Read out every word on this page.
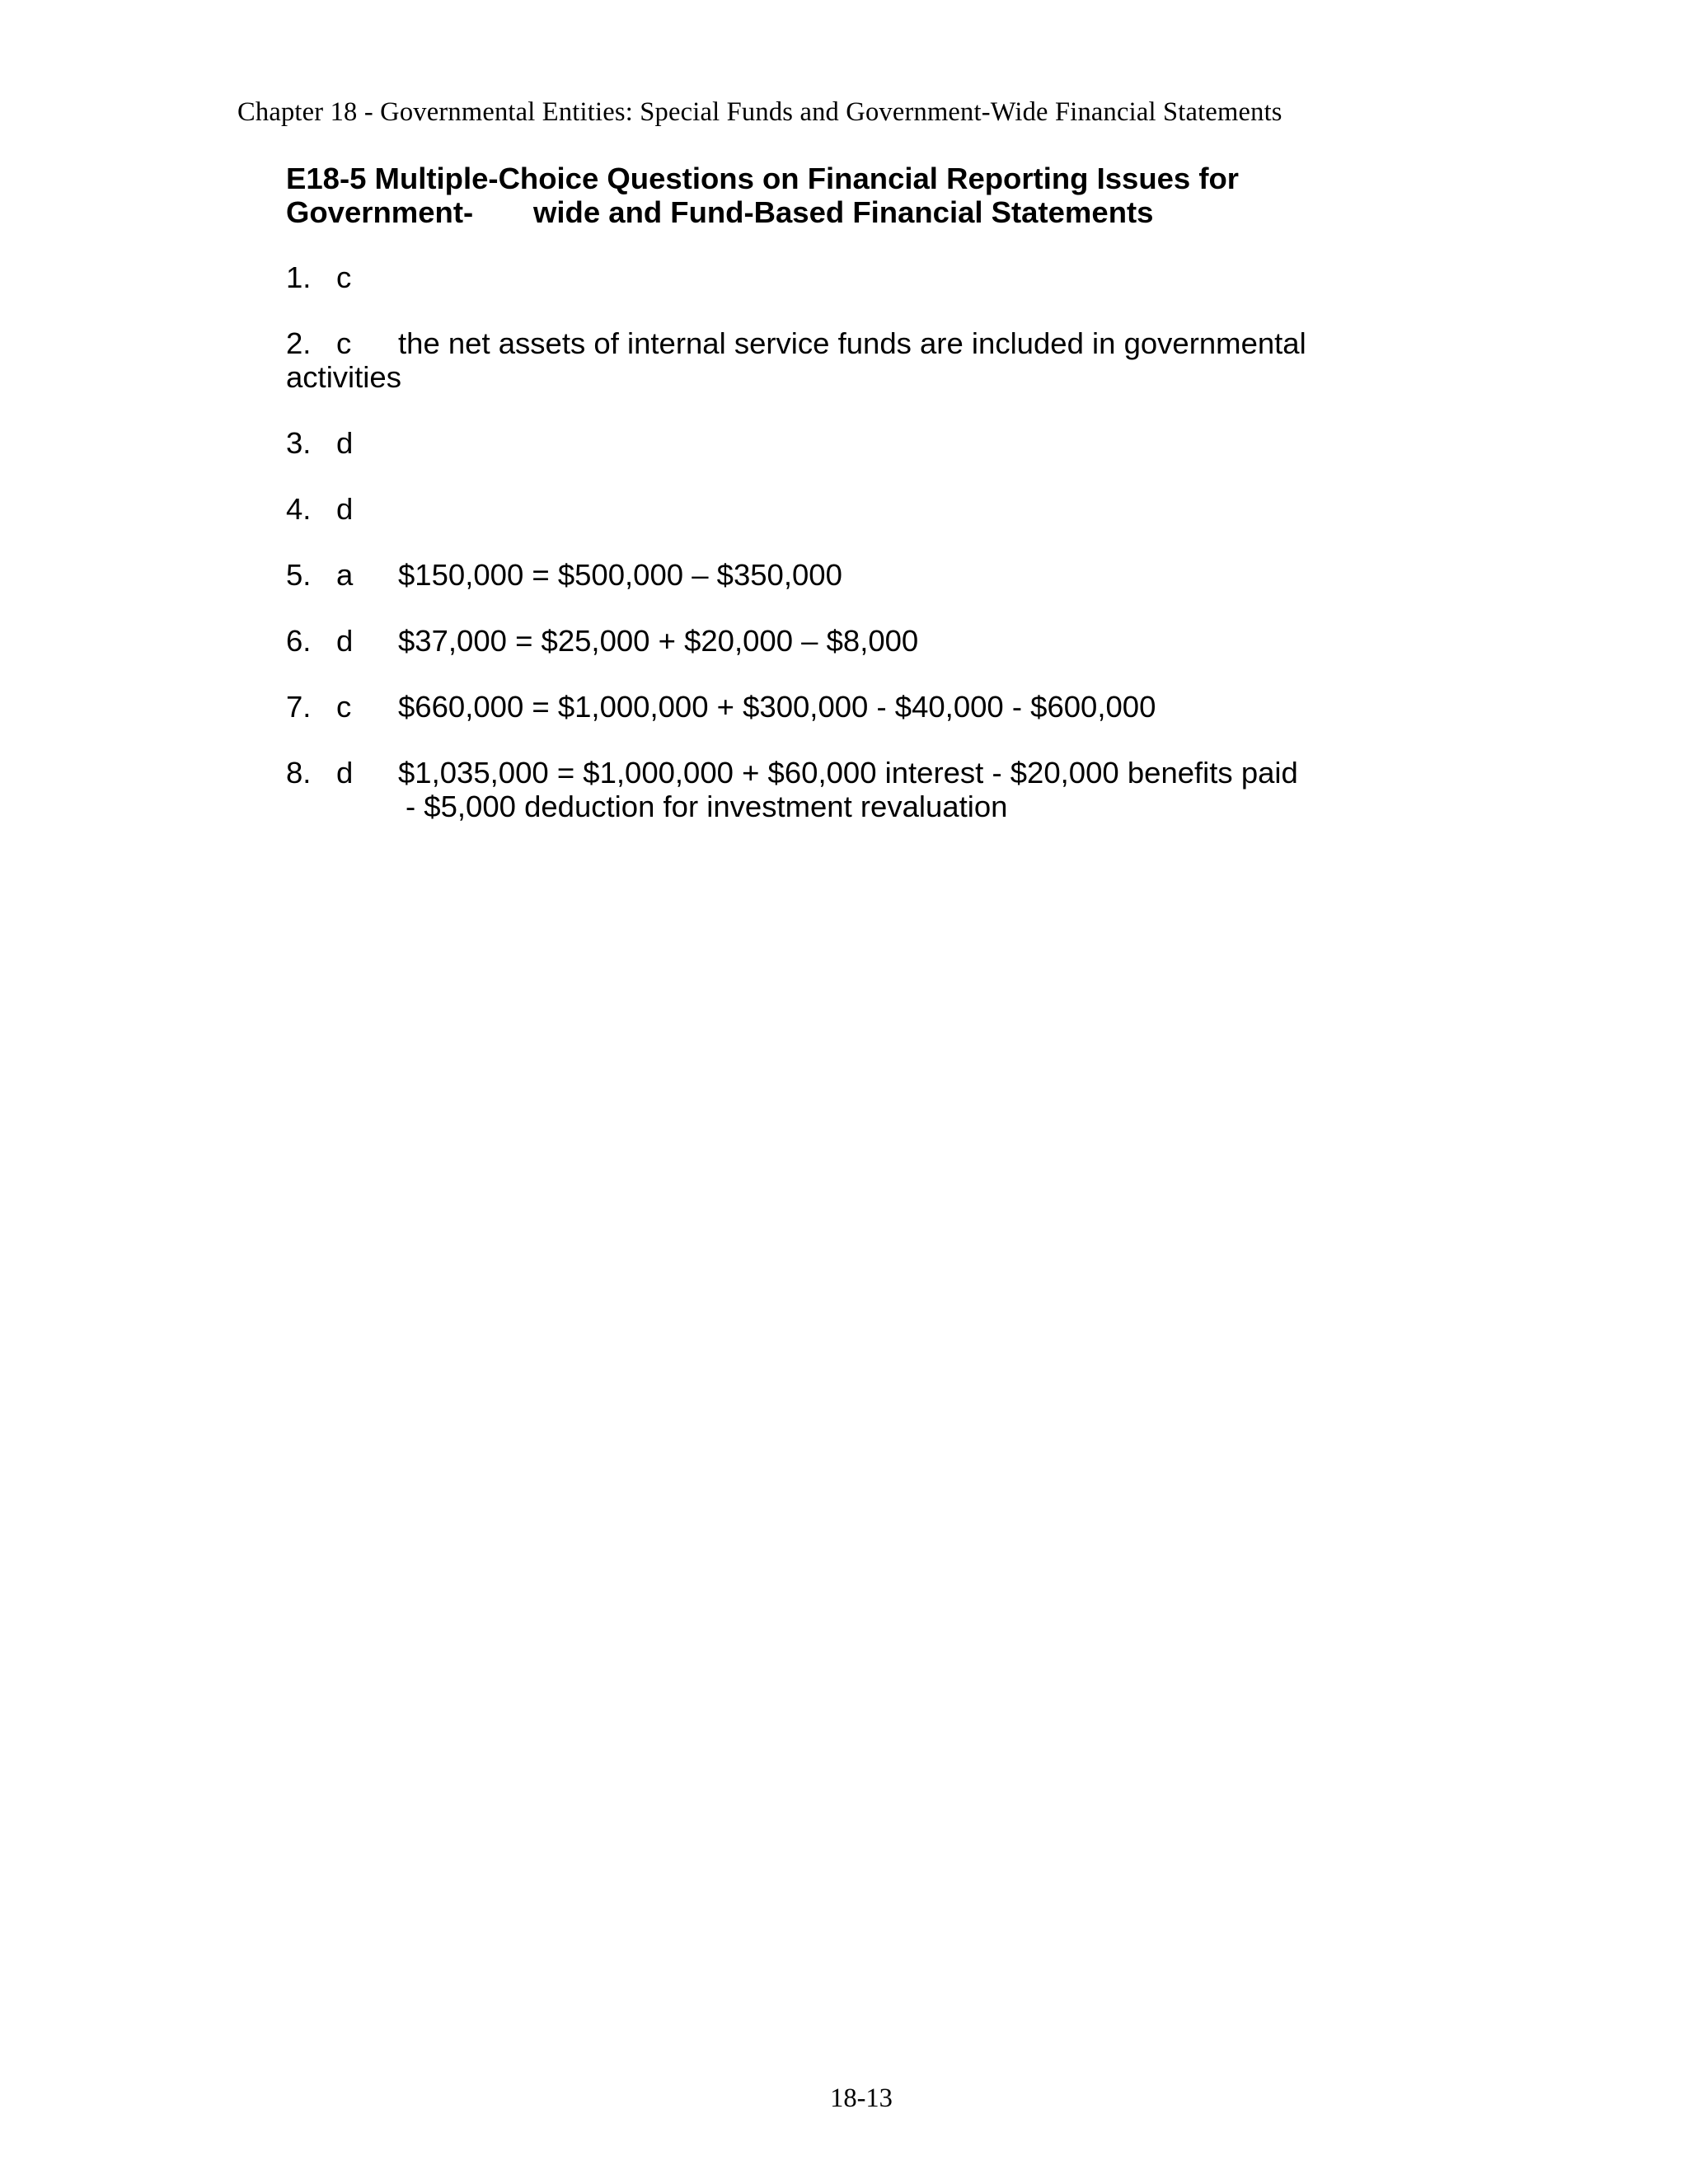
Chapter 18 - Governmental Entities: Special Funds and Government-Wide Financial Statements
E18-5 Multiple-Choice Questions on Financial Reporting Issues for
Government- wide and Fund-Based Financial Statements
1. c
2. c	the net assets of internal service funds are included in governmental
activities
3. d
4. d
5. a	$150,000 = $500,000 – $350,000
6. d	$37,000 = $25,000 + $20,000 – $8,000
7. c	$660,000 = $1,000,000 + $300,000 - $40,000 - $600,000
8. d	$1,035,000 = $1,000,000 + $60,000 interest - $20,000 benefits paid
- $5,000 deduction for investment revaluation
18-13
